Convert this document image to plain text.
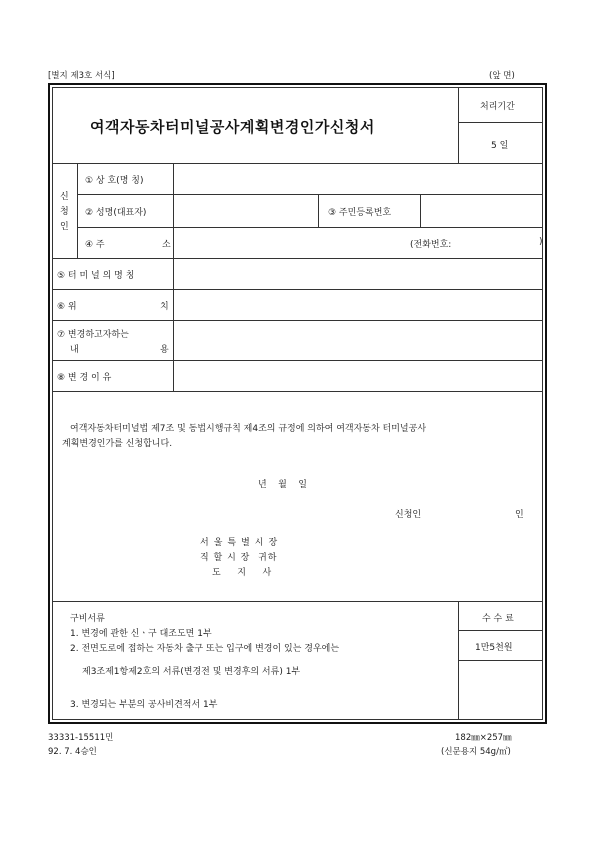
[별지 제3호 서식]	(앞 면)
여객자동차터미널공사계획변경인가신청서
처리기간
5 일
신
청
인
① 상 호(명 칭)
② 성명(대표자)	③ 주민등록번호
④ 주	소	(전화번호:	)
⑤ 터 미 널 의 명 칭
⑥ 위	치
⑦ 변경하고자하는
내	용
⑧ 변 경 이 유
여객자동차터미널법 제7조 및 동법시행규칙 제4조의 규정에 의하여 여객자동차 터미널공사
계획변경인가를 신청합니다.
년    월    일
신청인	인
서울특별시장
직 할 시 장  귀하
도   지   사
수 수 료
1만5천원
구비서류
1. 변경에 관한 신ㆍ구 대조도면 1부
2. 전면도로에 접하는 자동차 출구 또는 입구에 변경이 있는 경우에는
제3조제1항제2호의 서류(변경전 및 변경후의 서류) 1부
3. 변경되는 부분의 공사비견적서 1부
33331-15511민	182㎜×257㎜
92. 7. 4승인	(신문용지 54g/㎡)
